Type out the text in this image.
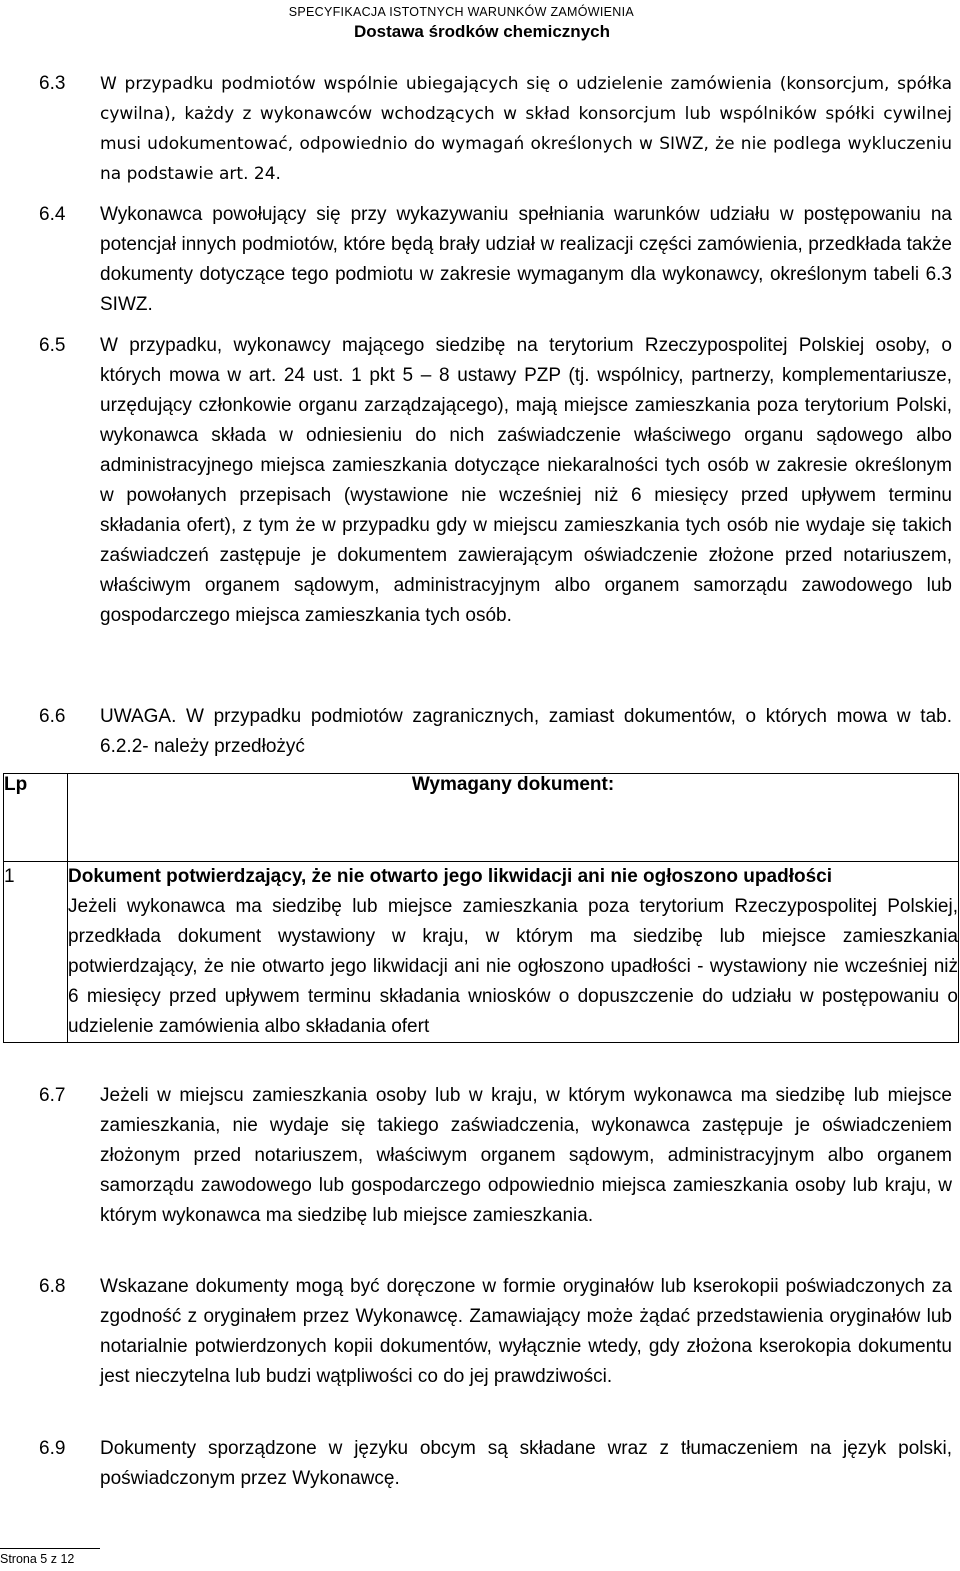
SPECYFIKACJA ISTOTNYCH WARUNKÓW ZAMÓWIENIA
Dostawa środków chemicznych
6.3 W przypadku podmiotów wspólnie ubiegających się o udzielenie zamówienia (konsorcjum, spółka cywilna), każdy z wykonawców wchodzących w skład konsorcjum lub wspólników spółki cywilnej musi udokumentować, odpowiednio do wymagań określonych w SIWZ, że nie podlega wykluczeniu na podstawie art. 24.
6.4 Wykonawca powołujący się przy wykazywaniu spełniania warunków udziału w postępowaniu na potencjał innych podmiotów, które będą brały udział w realizacji części zamówienia, przedkłada także dokumenty dotyczące tego podmiotu w zakresie wymaganym dla wykonawcy, określonym tabeli 6.3 SIWZ.
6.5 W przypadku, wykonawcy mającego siedzibę na terytorium Rzeczypospolitej Polskiej osoby, o których mowa w art. 24 ust. 1 pkt 5 – 8 ustawy PZP (tj. wspólnicy, partnerzy, komplementariusze, urzędujący członkowie organu zarządzającego), mają miejsce zamieszkania poza terytorium Polski, wykonawca składa w odniesieniu do nich zaświadczenie właściwego organu sądowego albo administracyjnego miejsca zamieszkania dotyczące niekaralności tych osób w zakresie określonym w powołanych przepisach (wystawione nie wcześniej niż 6 miesięcy przed upływem terminu składania ofert), z tym że w przypadku gdy w miejscu zamieszkania tych osób nie wydaje się takich zaświadczeń zastępuje je dokumentem zawierającym oświadczenie złożone przed notariuszem, właściwym organem sądowym, administracyjnym albo organem samorządu zawodowego lub gospodarczego miejsca zamieszkania tych osób.
6.6 UWAGA. W przypadku podmiotów zagranicznych, zamiast dokumentów, o których mowa w tab. 6.2.2- należy przedłożyć
Lp	Wymagany dokument:
1	Dokument potwierdzający, że nie otwarto jego likwidacji ani nie ogłoszono upadłości
Jeżeli wykonawca ma siedzibę lub miejsce zamieszkania poza terytorium Rzeczypospolitej Polskiej, przedkłada dokument wystawiony w kraju, w którym ma siedzibę lub miejsce zamieszkania potwierdzający, że nie otwarto jego likwidacji ani nie ogłoszono upadłości - wystawiony nie wcześniej niż 6 miesięcy przed upływem terminu składania wniosków o dopuszczenie do udziału w postępowaniu o udzielenie zamówienia albo składania ofert
6.7 Jeżeli w miejscu zamieszkania osoby lub w kraju, w którym wykonawca ma siedzibę lub miejsce zamieszkania, nie wydaje się takiego zaświadczenia, wykonawca zastępuje je oświadczeniem złożonym przed notariuszem, właściwym organem sądowym, administracyjnym albo organem samorządu zawodowego lub gospodarczego odpowiednio miejsca zamieszkania osoby lub kraju, w którym wykonawca ma siedzibę lub miejsce zamieszkania.
6.8 Wskazane dokumenty mogą być doręczone w formie oryginałów lub kserokopii poświadczonych za zgodność z oryginałem przez Wykonawcę. Zamawiający może żądać przedstawienia oryginałów lub notarialnie potwierdzonych kopii dokumentów, wyłącznie wtedy, gdy złożona kserokopia dokumentu jest nieczytelna lub budzi wątpliwości co do jej prawdziwości.
6.9 Dokumenty sporządzone w języku obcym są składane wraz z tłumaczeniem na język polski, poświadczonym przez Wykonawcę.
Strona 5 z 12
